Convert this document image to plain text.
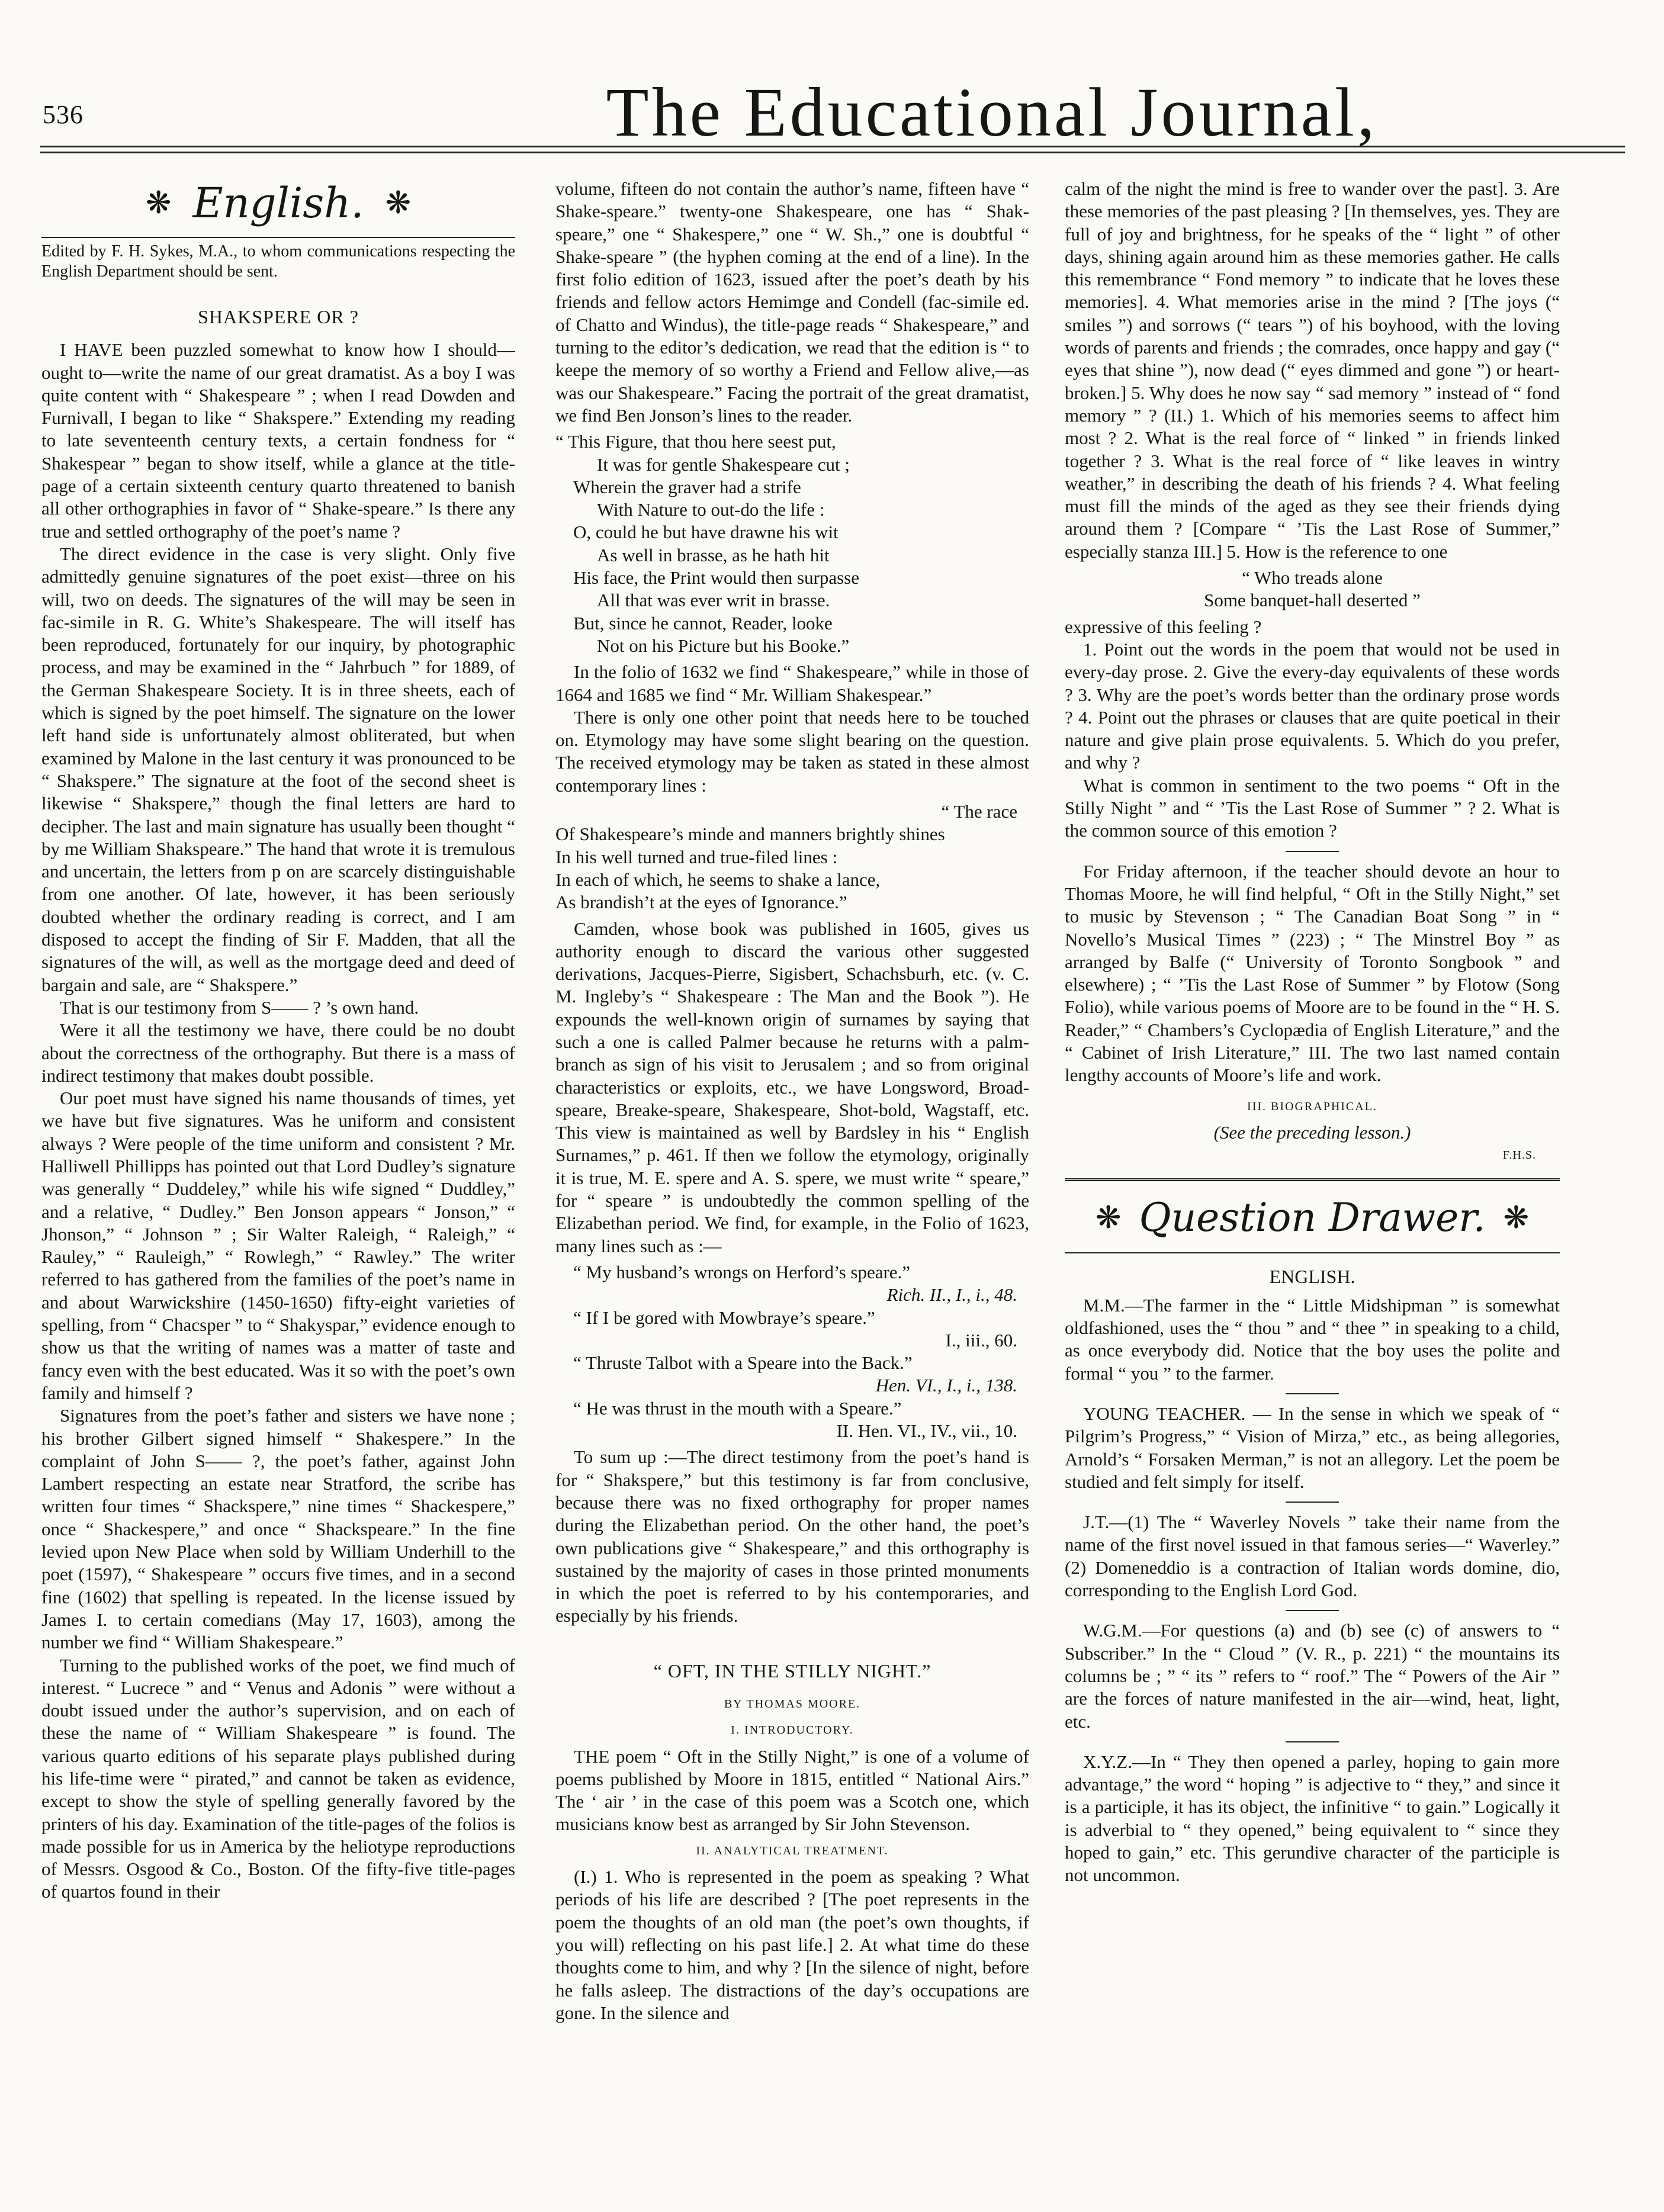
536	The Educational Journal,
❋ English. ❋
Edited by F. H. Sykes, M.A., to whom communications respecting the English Department should be sent.
SHAKSPERE OR ?

I HAVE been puzzled somewhat to know how I should—ought to—write the name of our great dramatist. As a boy I was quite content with “ Shakespeare ” ; when I read Dowden and Furnivall, I began to like “ Shakspere.” Extending my reading to late seventeenth century texts, a certain fondness for “ Shakespear ” began to show itself, while a glance at the title-page of a certain sixteenth century quarto threatened to banish all other orthographies in favor of “ Shake-speare.” Is there any true and settled orthography of the poet’s name ?

The direct evidence in the case is very slight. Only five admittedly genuine signatures of the poet exist—three on his will, two on deeds. The signatures of the will may be seen in fac-simile in R. G. White’s Shakespeare. The will itself has been reproduced, fortunately for our inquiry, by photographic process, and may be examined in the “ Jahrbuch ” for 1889, of the German Shakespeare Society. It is in three sheets, each of which is signed by the poet himself. The signature on the lower left hand side is unfortunately almost obliterated, but when examined by Malone in the last century it was pronounced to be “ Shakspere.” The signature at the foot of the second sheet is likewise “ Shakspere,” though the final letters are hard to decipher. The last and main signature has usually been thought “ by me William Shakspeare.” The hand that wrote it is tremulous and uncertain, the letters from p on are scarcely distinguishable from one another. Of late, however, it has been seriously doubted whether the ordinary reading is correct, and I am disposed to accept the finding of Sir F. Madden, that all the signatures of the will, as well as the mortgage deed and deed of bargain and sale, are “ Shakspere.”

That is our testimony from S—— ? ’s own hand.

Were it all the testimony we have, there could be no doubt about the correctness of the orthography. But there is a mass of indirect testimony that makes doubt possible.

Our poet must have signed his name thousands of times, yet we have but five signatures. Was he uniform and consistent always ? Were people of the time uniform and consistent ? Mr. Halliwell Phillipps has pointed out that Lord Dudley’s signature was generally “ Duddeley,” while his wife signed “ Duddley,” and a relative, “ Dudley.” Ben Jonson appears “ Jonson,” “ Jhonson,” “ Johnson ” ; Sir Walter Raleigh, “ Raleigh,” “ Rauley,” “ Rauleigh,” “ Rowlegh,” “ Rawley.” The writer referred to has gathered from the families of the poet’s name in and about Warwickshire (1450-1650) fifty-eight varieties of spelling, from “ Chacsper ” to “ Shakyspar,” evidence enough to show us that the writing of names was a matter of taste and fancy even with the best educated. Was it so with the poet’s own family and himself ?

Signatures from the poet’s father and sisters we have none ; his brother Gilbert signed himself “ Shakespere.” In the complaint of John S—— ?, the poet’s father, against John Lambert respecting an estate near Stratford, the scribe has written four times “ Shackspere,” nine times “ Shackespere,” once “ Shackespere,” and once “ Shackspeare.” In the fine levied upon New Place when sold by William Underhill to the poet (1597), “ Shakespeare ” occurs five times, and in a second fine (1602) that spelling is repeated. In the license issued by James I. to certain comedians (May 17, 1603), among the number we find “ William Shakespeare.”

Turning to the published works of the poet, we find much of interest. “ Lucrece ” and “ Venus and Adonis ” were without a doubt issued under the author’s supervision, and on each of these the name of “ William Shakespeare ” is found. The various quarto editions of his separate plays published during his life-time were “ pirated,” and cannot be taken as evidence, except to show the style of spelling generally favored by the printers of his day. Examination of the title-pages of the folios is made possible for us in America by the heliotype reproductions of Messrs. Osgood & Co., Boston. Of the fifty-five title-pages of quartos found in their

volume, fifteen do not contain the author’s name, fifteen have “ Shake-speare.” twenty-one Shakespeare, one has “ Shak-speare,” one “ Shakespere,” one “ W. Sh.,” one is doubtful “ Shake-speare ” (the hyphen coming at the end of a line). In the first folio edition of 1623, issued after the poet’s death by his friends and fellow actors Hemimge and Condell (fac-simile ed. of Chatto and Windus), the title-page reads “ Shakespeare,” and turning to the editor’s dedication, we read that the edition is “ to keepe the memory of so worthy a Friend and Fellow alive,—as was our Shakespeare.” Facing the portrait of the great dramatist, we find Ben Jonson’s lines to the reader.

“ This Figure, that thou here seest put,
It was for gentle Shakespeare cut ;
Wherein the graver had a strife
With Nature to out-do the life :
O, could he but have drawne his wit
As well in brasse, as he hath hit
His face, the Print would then surpasse
All that was ever writ in brasse.
But, since he cannot, Reader, looke
Not on his Picture but his Booke.”

In the folio of 1632 we find “ Shakespeare,” while in those of 1664 and 1685 we find “ Mr. William Shakespear.”

There is only one other point that needs here to be touched on. Etymology may have some slight bearing on the question. The received etymology may be taken as stated in these almost contemporary lines :

“ The race
Of Shakespeare’s minde and manners brightly shines
In his well turned and true-filed lines :
In each of which, he seems to shake a lance,
As brandish’t at the eyes of Ignorance.”

Camden, whose book was published in 1605, gives us authority enough to discard the various other suggested derivations, Jacques-Pierre, Sigisbert, Schachsburh, etc. (v. C. M. Ingleby’s “ Shakespeare : The Man and the Book ”). He expounds the well-known origin of surnames by saying that such a one is called Palmer because he returns with a palm-branch as sign of his visit to Jerusalem ; and so from original characteristics or exploits, etc., we have Longsword, Broad-speare, Breake-speare, Shakespeare, Shot-bold, Wagstaff, etc. This view is maintained as well by Bardsley in his “ English Surnames,” p. 461. If then we follow the etymology, originally it is true, M. E. spere and A. S. spere, we must write “ speare,” for “ speare ” is undoubtedly the common spelling of the Elizabethan period. We find, for example, in the Folio of 1623, many lines such as :—

“ My husband’s wrongs on Herford’s speare.”
Rich. II., I., i., 48.
“ If I be gored with Mowbraye’s speare.”
I., iii., 60.
“ Thruste Talbot with a Speare into the Back.”
Hen. VI., I., i., 138.
“ He was thrust in the mouth with a Speare.”
II. Hen. VI., IV., vii., 10.

To sum up :—The direct testimony from the poet’s hand is for “ Shakspere,” but this testimony is far from conclusive, because there was no fixed orthography for proper names during the Elizabethan period. On the other hand, the poet’s own publications give “ Shakespeare,” and this orthography is sustained by the majority of cases in those printed monuments in which the poet is referred to by his contemporaries, and especially by his friends.

“ OFT, IN THE STILLY NIGHT.”
BY THOMAS MOORE.
I. INTRODUCTORY.

THE poem “ Oft in the Stilly Night,” is one of a volume of poems published by Moore in 1815, entitled “ National Airs.” The ‘ air ’ in the case of this poem was a Scotch one, which musicians know best as arranged by Sir John Stevenson.

II. ANALYTICAL TREATMENT.

(I.) 1. Who is represented in the poem as speaking ? What periods of his life are described ? [The poet represents in the poem the thoughts of an old man (the poet’s own thoughts, if you will) reflecting on his past life.] 2. At what time do these thoughts come to him, and why ? [In the silence of night, before he falls asleep. The distractions of the day’s occupations are gone. In the silence and

calm of the night the mind is free to wander over the past]. 3. Are these memories of the past pleasing ? [In themselves, yes. They are full of joy and brightness, for he speaks of the “ light ” of other days, shining again around him as these memories gather. He calls this remembrance “ Fond memory ” to indicate that he loves these memories]. 4. What memories arise in the mind ? [The joys (“ smiles ”) and sorrows (“ tears ”) of his boyhood, with the loving words of parents and friends ; the comrades, once happy and gay (“ eyes that shine ”), now dead (“ eyes dimmed and gone ”) or heart-broken.] 5. Why does he now say “ sad memory ” instead of “ fond memory ” ? (II.) 1. Which of his memories seems to affect him most ? 2. What is the real force of “ linked ” in friends linked together ? 3. What is the real force of “ like leaves in wintry weather,” in describing the death of his friends ? 4. What feeling must fill the minds of the aged as they see their friends dying around them ? [Compare “ ’Tis the Last Rose of Summer,” especially stanza III.] 5. How is the reference to one

“ Who treads alone
Some banquet-hall deserted ”

expressive of this feeling ?

1. Point out the words in the poem that would not be used in every-day prose. 2. Give the every-day equivalents of these words ? 3. Why are the poet’s words better than the ordinary prose words ? 4. Point out the phrases or clauses that are quite poetical in their nature and give plain prose equivalents. 5. Which do you prefer, and why ?

What is common in sentiment to the two poems “ Oft in the Stilly Night ” and “ ’Tis the Last Rose of Summer ” ? 2. What is the common source of this emotion ?

For Friday afternoon, if the teacher should devote an hour to Thomas Moore, he will find helpful, “ Oft in the Stilly Night,” set to music by Stevenson ; “ The Canadian Boat Song ” in “ Novello’s Musical Times ” (223) ; “ The Minstrel Boy ” as arranged by Balfe (“ University of Toronto Songbook ” and elsewhere) ; “ ’Tis the Last Rose of Summer ” by Flotow (Song Folio), while various poems of Moore are to be found in the “ H. S. Reader,” “ Chambers’s Cyclopædia of English Literature,” and the “ Cabinet of Irish Literature,” III. The two last named contain lengthy accounts of Moore’s life and work.

III. BIOGRAPHICAL.
(See the preceding lesson.)
F.H.S.
❋ Question Drawer. ❋
ENGLISH.

M.M.—The farmer in the “ Little Midshipman ” is somewhat oldfashioned, uses the “ thou ” and “ thee ” in speaking to a child, as once everybody did. Notice that the boy uses the polite and formal “ you ” to the farmer.

YOUNG TEACHER. — In the sense in which we speak of “ Pilgrim’s Progress,” “ Vision of Mirza,” etc., as being allegories, Arnold’s “ Forsaken Merman,” is not an allegory. Let the poem be studied and felt simply for itself.

J.T.—(1) The “ Waverley Novels ” take their name from the name of the first novel issued in that famous series—“ Waverley.” (2) Domeneddio is a contraction of Italian words domine, dio, corresponding to the English Lord God.

W.G.M.—For questions (a) and (b) see (c) of answers to “ Subscriber.” In the “ Cloud ” (V. R., p. 221) “ the mountains its columns be ; ” “ its ” refers to “ roof.” The “ Powers of the Air ” are the forces of nature manifested in the air—wind, heat, light, etc.

X.Y.Z.—In “ They then opened a parley, hoping to gain more advantage,” the word “ hoping ” is adjective to “ they,” and since it is a participle, it has its object, the infinitive “ to gain.” Logically it is adverbial to “ they opened,” being equivalent to “ since they hoped to gain,” etc. This gerundive character of the participle is not uncommon.
